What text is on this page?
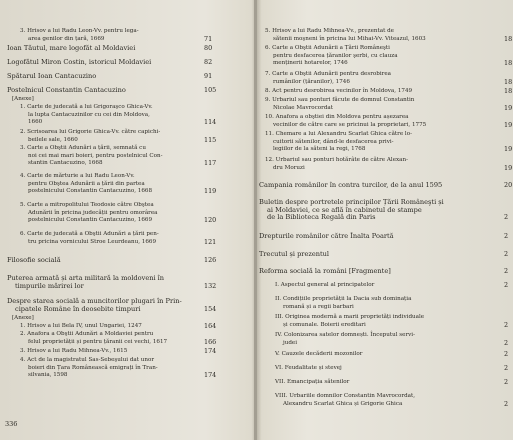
3. Hrisov a lui Radu Leon-Vv. pentru lega-
area genilor din țară, 1669	71
Ioan Tăutul, mare logofăt al Moldaviei	80
Logofătul Miron Costin, istoricul Moldaviei	82
Spătarul Ioan Cantacuzino	91
Postelnicul Constantin Cantacuzino	105
[Anexe]
1. Carte de judecată a lui Grigoraşco Ghica-Vv.
la lupta Cantacuzinilor cu cei din Moldova,
1660	114
2. Scrisoarea lui Grigorie Ghica-Vv. către capichi-
beilele sale, 1660	115
3. Carte a Obştii Adunări a țării, semnată cu
noi cei mai mari boieri, pentru postelnicul Con-
stantin Cantacuzino, 1668	117
4. Carte de mărturie a lui Radu Leon-Vv.
pentru Obştea Adunării a țării din partea
postelnicului Constantin Cantacuzino, 1668	119
5. Carte a mitropolitului Teodosie către Obştea
Adunării în pricina judecății pentru omorârea
postelnicului Constantin Cantacuzino, 1669	120
6. Carte de judecată a Obştii Adunări a țării pen-
tru pricina vornicului Stroe Leurdeanu, 1669	121
Filosofie socială	126
Puterea armată și arta militară la moldoveni în
timpurile mărirei lor	132
Despre starea socială a muncitorilor plugari în Prin-
cipatele Române în deosebite timpuri	154
[Anexe]
1. Hrisov a lui Bela IV, unul Ungariei, 1247	164
2. Anafora a Obştii Adunări a Moldaviei pentru
felul proprietății și pentru țăranii cei vechi, 1617	166
3. Hrisov a lui Radu Mihnea-Vv., 1615	174
4. Act de la magistratul Sas-Sebeşului dat unor
boieri din Țara Românească emigrați în Tran-
silvania, 1598	174
336
5. Hrisov a lui Radu Mihnea-Vv., prezentat de
sătenii moşneni în pricina lui Mihai-Vv. Viteazul, 1603	18
6. Carte a Obştii Adunării a Țării Româneşti
pentru desfacerea țăranilor şerbi, cu clauza
menținerii hotarelor, 1746	18
7. Carte a Obştii Adunării pentru desrobirea
rumânilor (țăranilor), 1746	18
8. Act pentru desrobirea vecinilor în Moldova, 1749	18
9. Urbariul sau ponturi făcute de domnul Constantin
Nicolae Mavrocordat	19
10. Anafora a obştiei din Moldova pentru așezarea
vecinilor de către care se pricinui la proprietari, 1775	19
11. Chemare a lui Alexandru Scarlat Ghica către lo-
cuitorii sătenilor, dând-le desfacerea privi-
legiilor de la săteni la regi, 1768	19
12. Urbariul sau ponturi hotărâte de către Alexan-
dru Moruzi	19
Campania românilor în contra turcilor, de la anul 1595	20
Buletin despre portretele principilor Țării Româneşti și
ai Moldaviei, ce se află în cabinetul de stampe
de la Biblioteca Regală din Paris	2
Drepturile românilor către Înalta Poartă	2
Trecutul și prezentul	2
Reforma socială la români [Fragmente]	2
I. Aspectul general al principatelor	2
II. Condițiile proprietății la Dacia sub dominația
romană și a regii barbari
III. Originea modernă a marii proprietăți individuale
și comunale. Boierii ereditari	2
IV. Colonizarea satelor domnești. Începutul servi-
judei	2
V. Cauzele decăderii mozonilor	2
VI. Feudalitate și stevej	2
VII. Emancipația sătenilor	2
VIII. Urbariile domnilor Constantin Mavrocordat,
Alexandru Scarlat Ghica și Grigorie Ghica	2
